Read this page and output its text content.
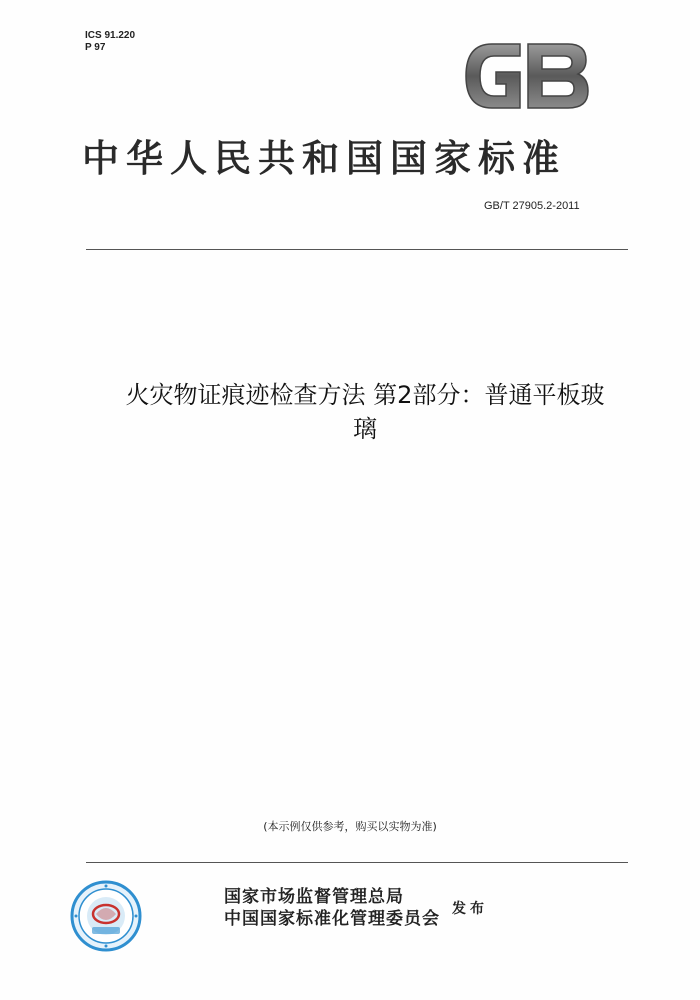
ICS 91.220
P 97
中华人民共和国国家标准
GB/T 27905.2-2011
火灾物证痕迹检查方法 第2部分：普通平板玻
璃
(本示例仅供参考，购买以实物为准)
国家市场监督管理总局
中国国家标准化管理委员会 发布
